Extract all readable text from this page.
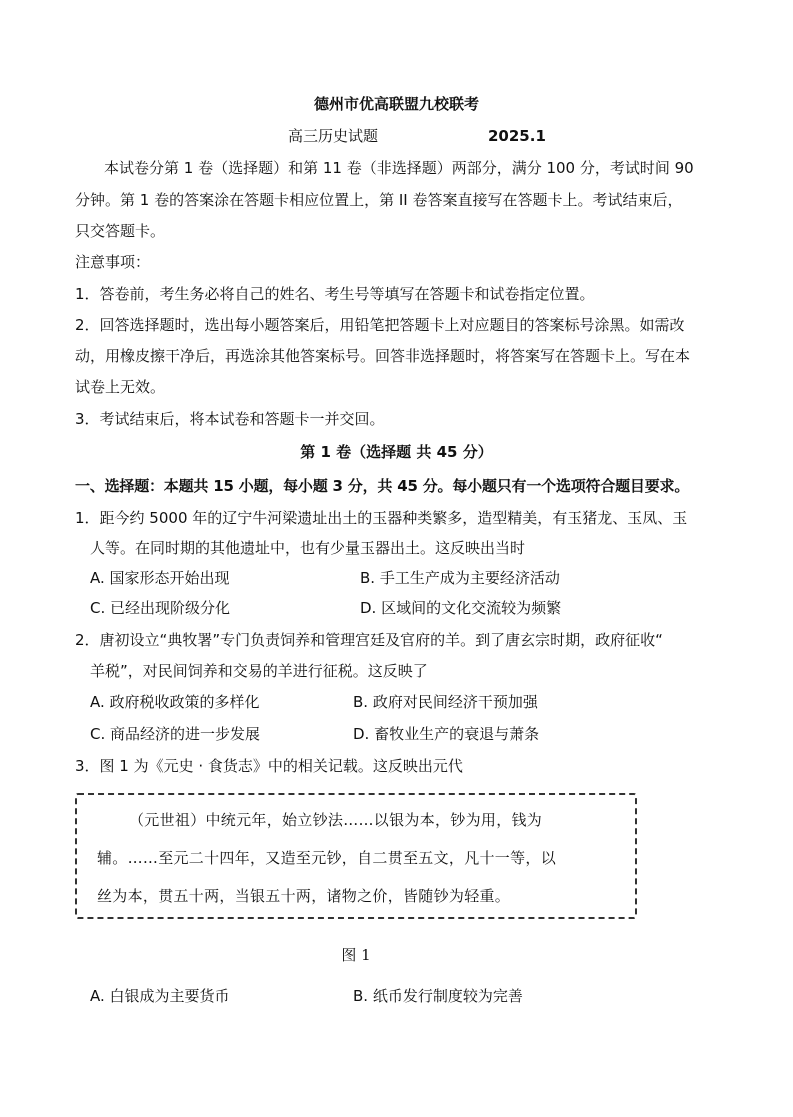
德州市优高联盟九校联考
高三历史试题	2025.1
本试卷分第 1 卷（选择题）和第 11 卷（非选择题）两部分，满分 100 分，考试时间 90
分钟。第 1 卷的答案涂在答题卡相应位置上，第 II 卷答案直接写在答题卡上。考试结束后，
只交答题卡。
注意事项：
1．答卷前，考生务必将自己的姓名、考生号等填写在答题卡和试卷指定位置。
2．回答选择题时，选出每小题答案后，用铅笔把答题卡上对应题目的答案标号涂黑。如需改
动，用橡皮擦干净后，再选涂其他答案标号。回答非选择题时，将答案写在答题卡上。写在本
试卷上无效。
3．考试结束后，将本试卷和答题卡一并交回。
第 1 卷（选择题 共 45 分）
一、选择题：本题共 15 小题，每小题 3 分，共 45 分。每小题只有一个选项符合题目要求。
1．距今约 5000 年的辽宁牛河梁遗址出土的玉器种类繁多，造型精美，有玉猪龙、玉凤、玉
人等。在同时期的其他遗址中，也有少量玉器出土。这反映出当时
A. 国家形态开始出现	B. 手工生产成为主要经济活动
C. 已经出现阶级分化	D. 区域间的文化交流较为频繁
2．唐初设立“典牧署”专门负责饲养和管理宫廷及官府的羊。到了唐玄宗时期，政府征收“
羊税”，对民间饲养和交易的羊进行征税。这反映了
A. 政府税收政策的多样化	B. 政府对民间经济干预加强
C. 商品经济的进一步发展	D. 畜牧业生产的衰退与萧条
3．图 1 为《元史 · 食货志》中的相关记载。这反映出元代
（元世祖）中统元年，始立钞法……以银为本，钞为用，钱为
辅。……至元二十四年，又造至元钞，自二贯至五文，凡十一等，以
丝为本，贯五十两，当银五十两，诸物之价，皆随钞为轻重。
图 1
A. 白银成为主要货币	B. 纸币发行制度较为完善
